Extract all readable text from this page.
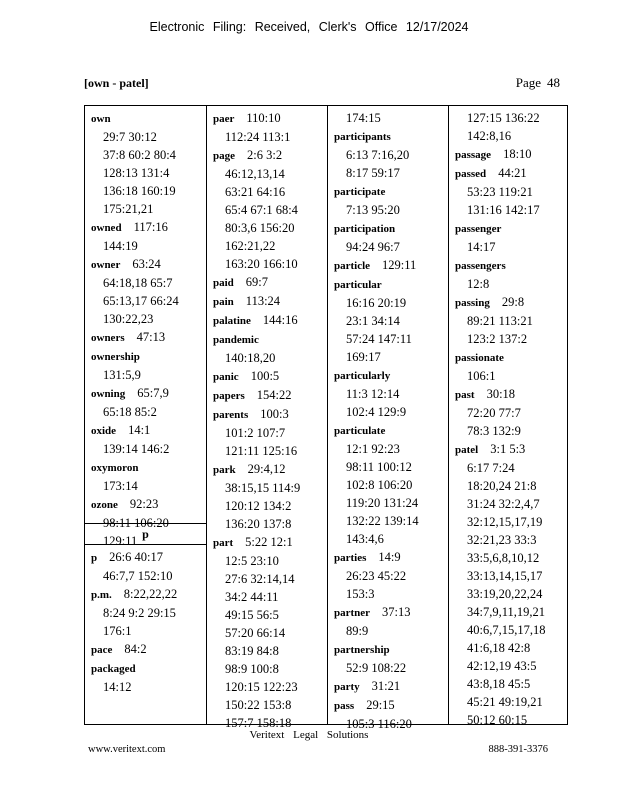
Electronic Filing: Received, Clerk's Office 12/17/2024
[own - patel]	Page 48
own
29:7 30:12
37:8 60:2 80:4
128:13 131:4
136:18 160:19
175:21,21
owned 117:16
144:19
owner 63:24
64:18,18 65:7
65:13,17 66:24
130:22,23
owners 47:13
ownership
131:5,9
owning 65:7,9
65:18 85:2
oxide 14:1
139:14 146:2
oxymoron
173:14
ozone 92:23
98:11 106:20
129:11 p
p 26:6 40:17
46:7,7 152:10
p.m. 8:22,22,22
8:24 9:2 29:15
176:1
pace 84:2
packaged
14:12
paer 110:10
112:24 113:1
page 2:6 3:2
46:12,13,14
63:21 64:16
65:4 67:1 68:4
80:3,6 156:20
162:21,22
163:20 166:10
paid 69:7
pain 113:24
palatine 144:16
pandemic
140:18,20
panic 100:5
papers 154:22
parents 100:3
101:2 107:7
121:11 125:16
park 29:4,12
38:15,15 114:9
120:12 134:2
136:20 137:8
part 5:22 12:1
12:5 23:10
27:6 32:14,14
34:2 44:11
49:15 56:5
57:20 66:14
83:19 84:8
98:9 100:8
120:15 122:23
150:22 153:8
157:7 158:18
174:15
participants
6:13 7:16,20
8:17 59:17
participate
7:13 95:20
participation
94:24 96:7
particle 129:11
particular
16:16 20:19
23:1 34:14
57:24 147:11
169:17
particularly
11:3 12:14
102:4 129:9
particulate
12:1 92:23
98:11 100:12
102:8 106:20
119:20 131:24
132:22 139:14
143:4,6
parties 14:9
26:23 45:22
153:3
partner 37:13
89:9
partnership
52:9 108:22
party 31:21
pass 29:15
105:3 116:20
127:15 136:22
142:8,16
passage 18:10
passed 44:21
53:23 119:21
131:16 142:17
passenger
14:17
passengers
12:8
passing 29:8
89:21 113:21
123:2 137:2
passionate
106:1
past 30:18
72:20 77:7
78:3 132:9
patel 3:1 5:3
6:17 7:24
18:20,24 21:8
31:24 32:2,4,7
32:12,15,17,19
32:21,23 33:3
33:5,6,8,10,12
33:13,14,15,17
33:19,20,22,24
34:7,9,11,19,21
40:6,7,15,17,18
41:6,18 42:8
42:12,19 43:5
43:8,18 45:5
45:21 49:19,21
50:12 60:15
Veritext Legal Solutions
www.veritext.com	888-391-3376
